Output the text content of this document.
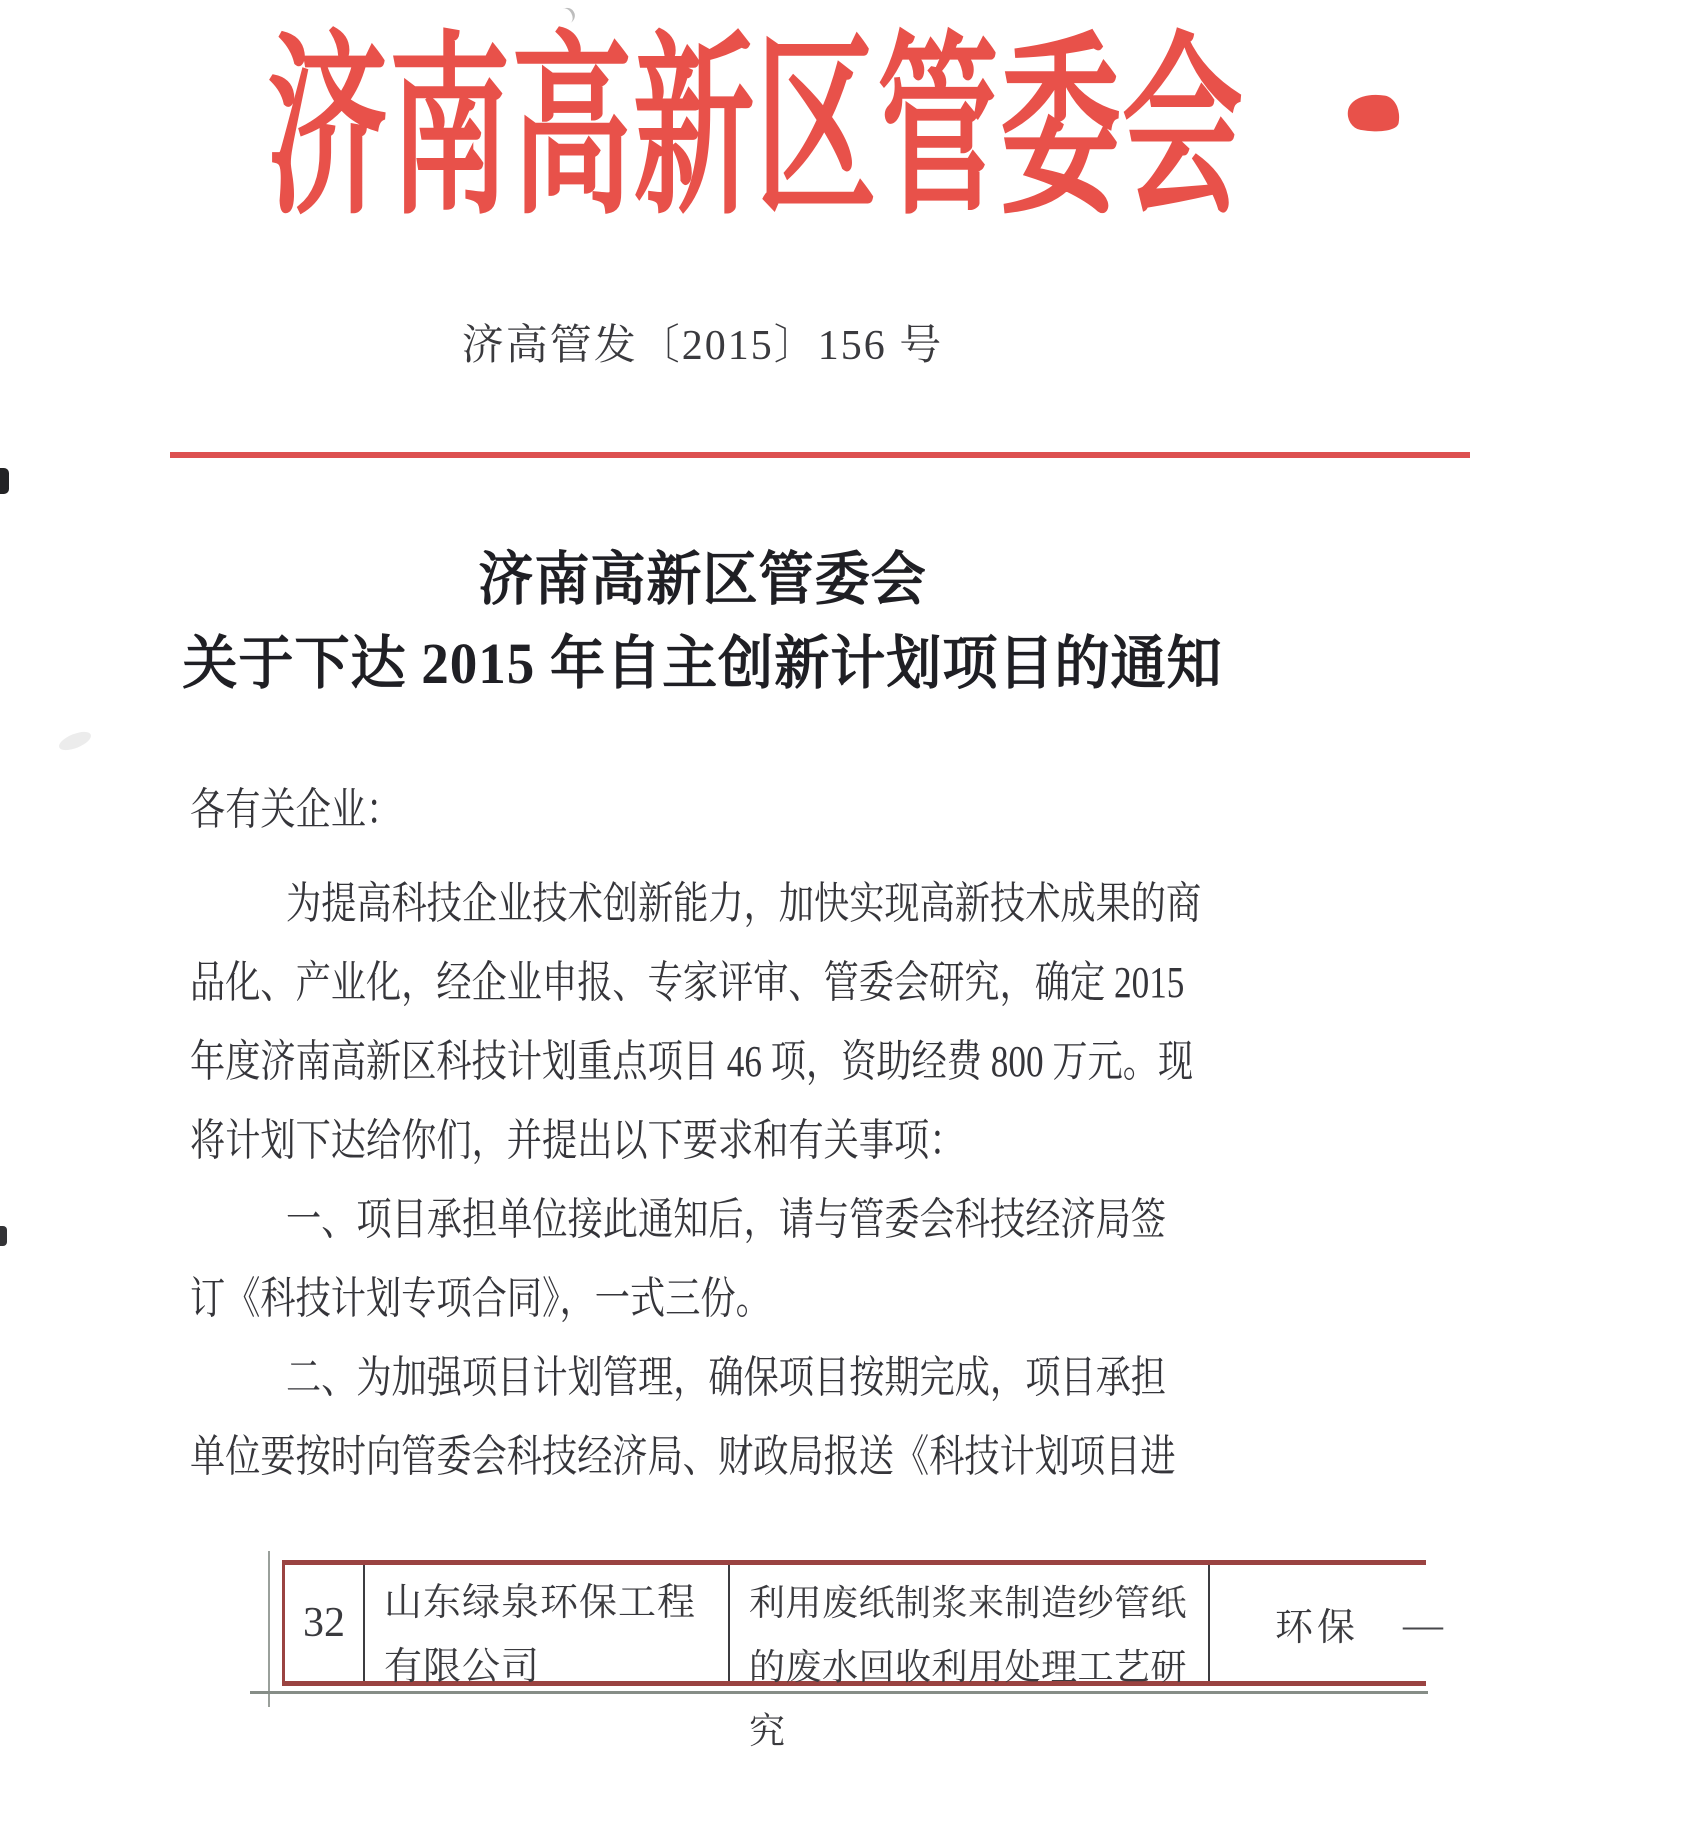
济南高新区管委会
济高管发〔2015〕156 号
济南高新区管委会
关于下达 2015 年自主创新计划项目的通知
各有关企业：
为提高科技企业技术创新能力，加快实现高新技术成果的商
品化、产业化，经企业申报、专家评审、管委会研究，确定 2015
年度济南高新区科技计划重点项目 46 项，资助经费 800 万元。现
将计划下达给你们，并提出以下要求和有关事项：
一、项目承担单位接此通知后，请与管委会科技经济局签
订《科技计划专项合同》，一式三份。
二、为加强项目计划管理，确保项目按期完成，项目承担
单位要按时向管委会科技经济局、财政局报送《科技计划项目进
32	山东绿泉环保工程有限公司
利用废纸制浆来制造纱管纸的废水回收利用处理工艺研究
环保	—
